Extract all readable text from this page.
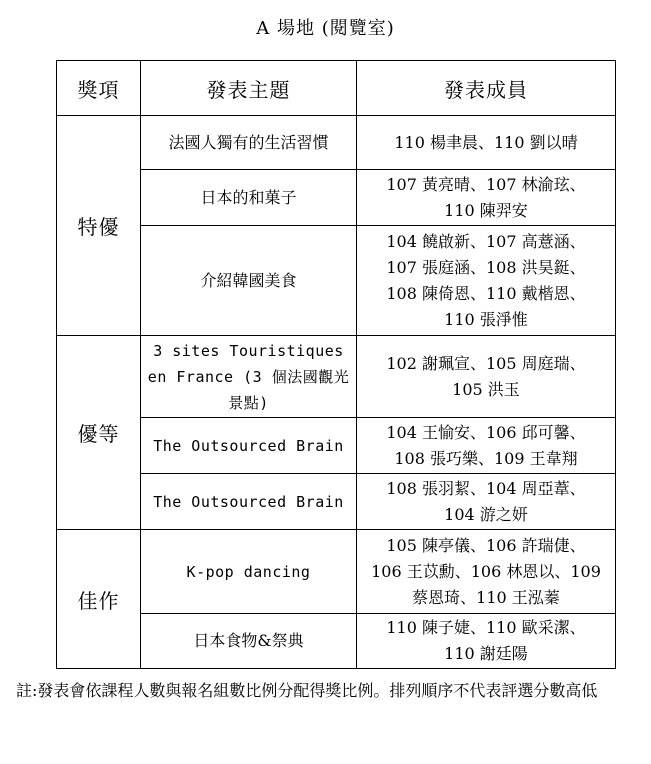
A 場地 (閱覽室)
獎項	發表主題	發表成員
特優	法國人獨有的生活習慣	110 楊聿晨、110 劉以晴

	日本的和菓子	107 黃亮晴、107 林渝玹、
110 陳羿安

	介紹韓國美食	104 饒啟新、107 高薏涵、
107 張庭涵、108 洪昊鋌、
108 陳倚恩、110 戴楷恩、
110 張淨惟

優等	3 sites Touristiques en France (3 個法國觀光景點)	102 謝珮宣、105 周庭瑞、
105 洪玉

	The Outsourced Brain	104 王愉安、106 邱可馨、
108 張巧樂、109 王韋翔

	The Outsourced Brain	108 張羽絜、104 周亞葦、
104 游之妍

佳作	K-pop dancing	105 陳亭儀、106 許瑞倢、
106 王苡勳、106 林恩以、109
蔡恩琦、110 王泓蓁

	日本食物&祭典	110 陳子婕、110 歐采潔、
110 謝廷陽
註:發表會依課程人數與報名組數比例分配得獎比例。排列順序不代表評選分數高低
